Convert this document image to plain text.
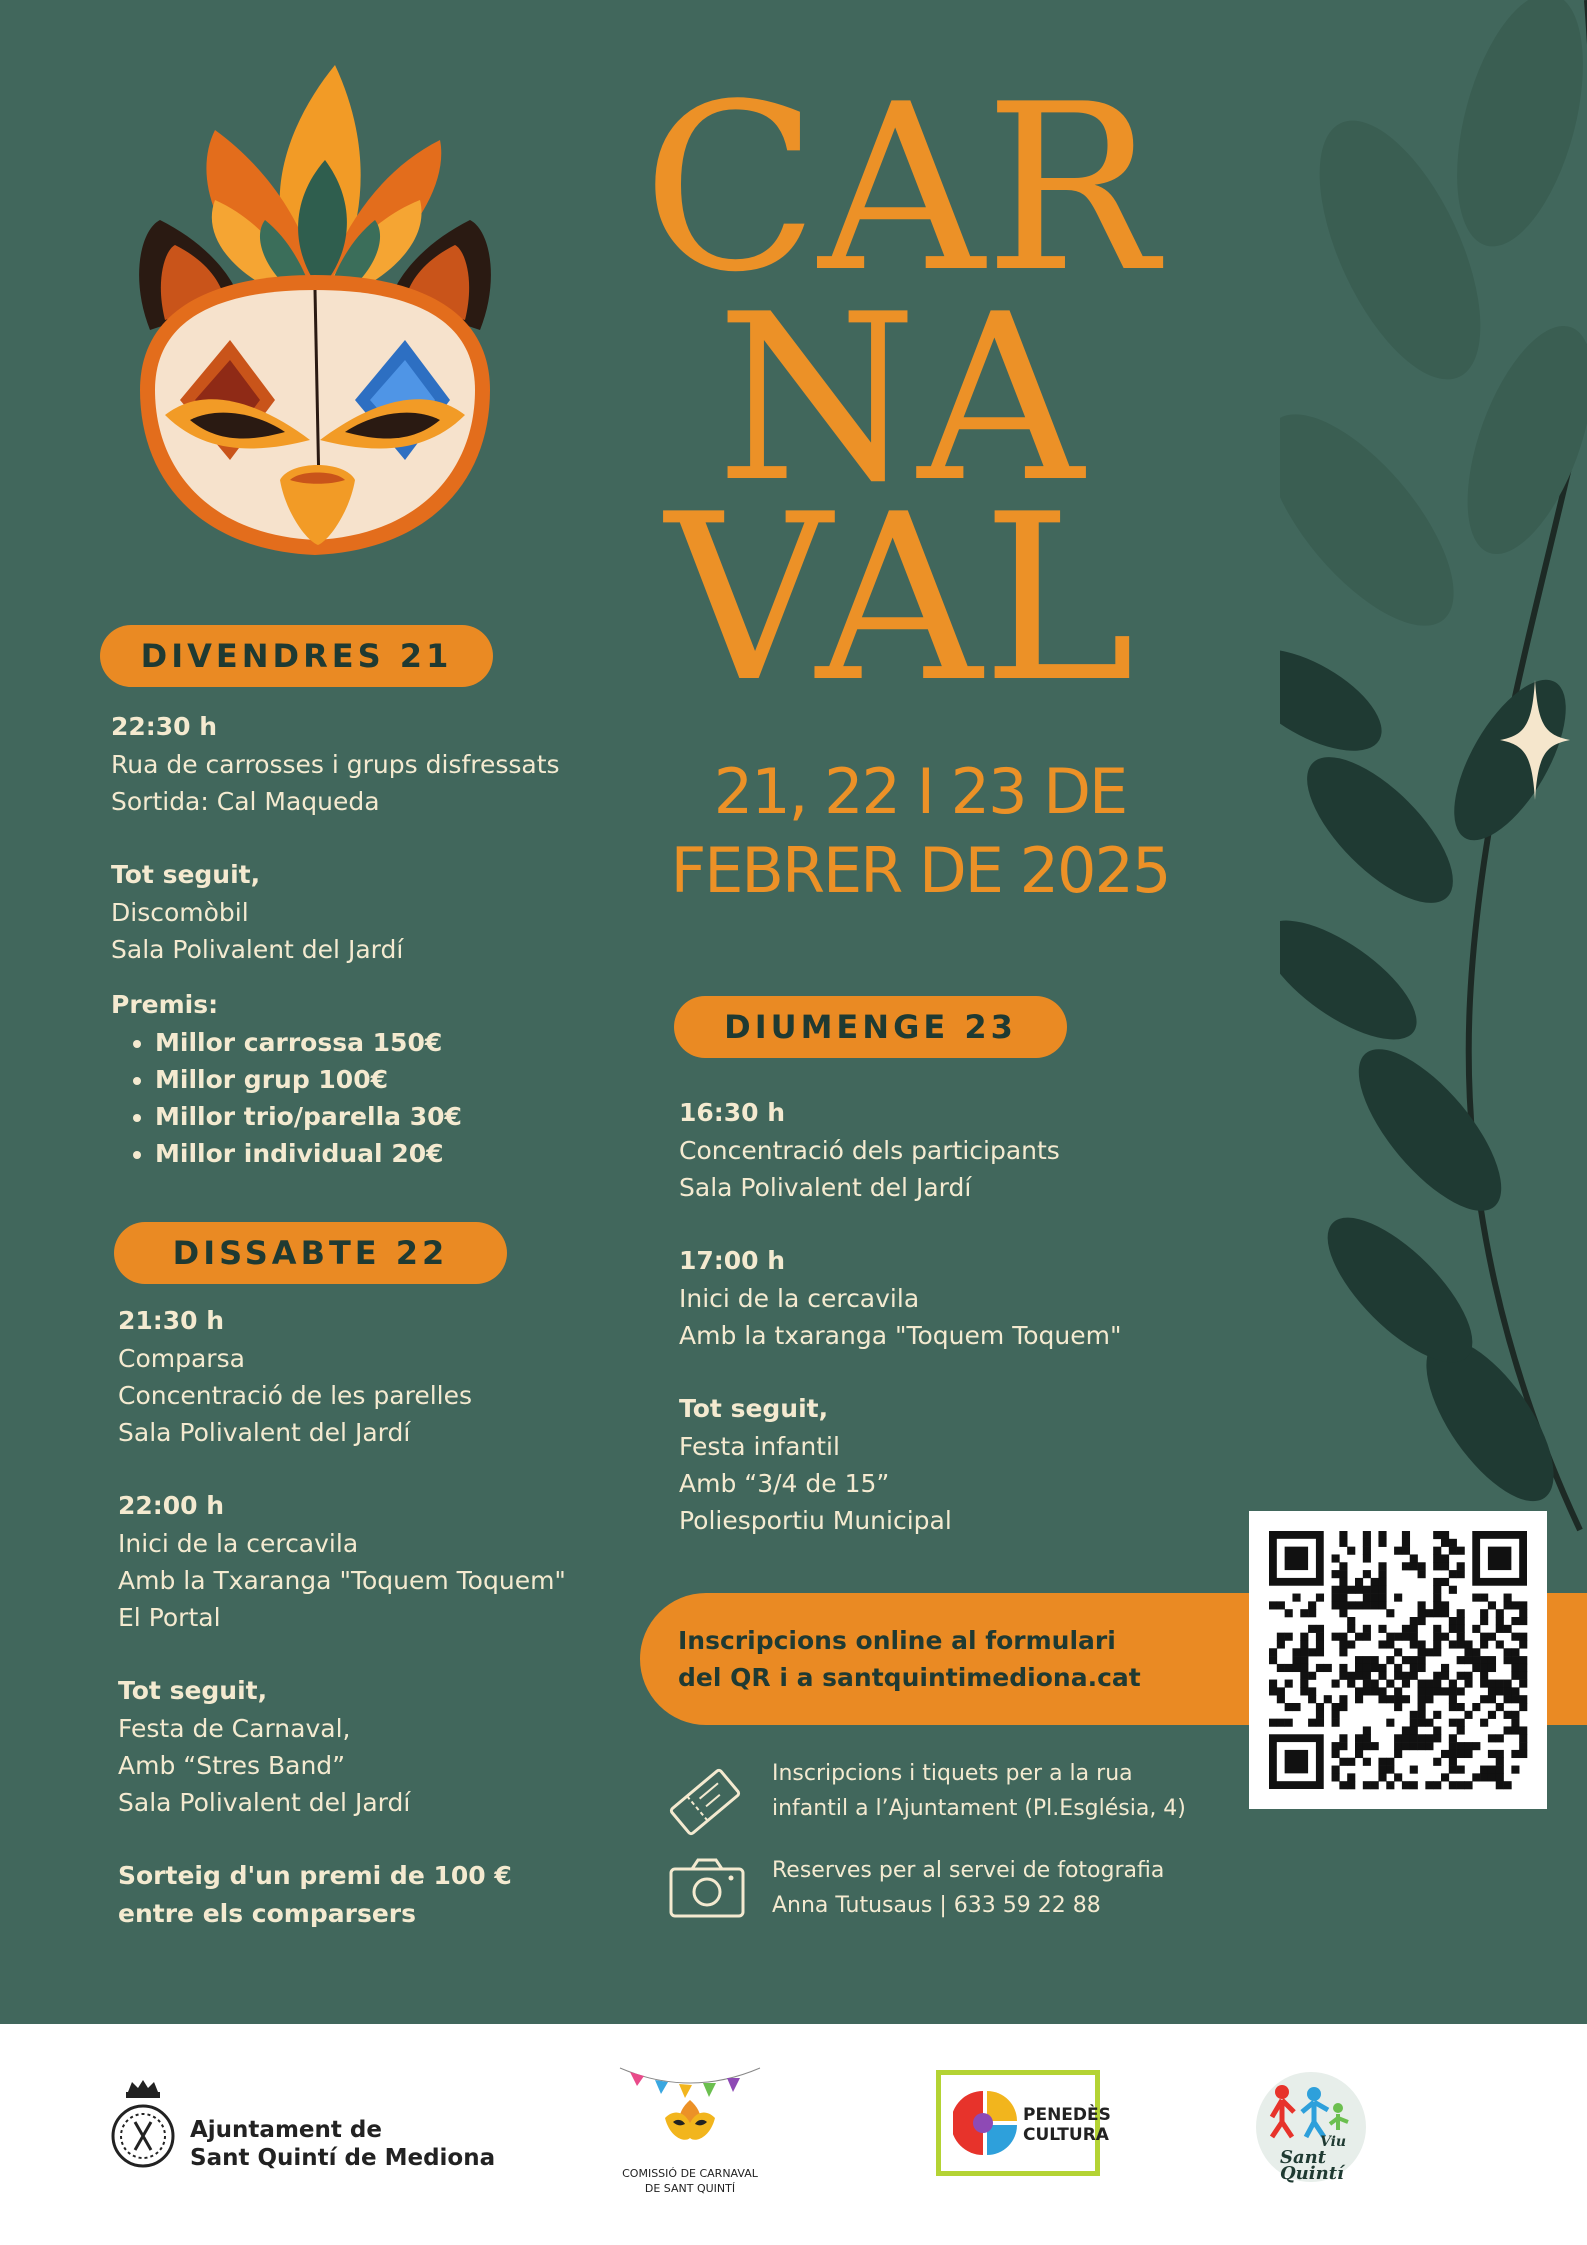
CAR
NA
VAL
21, 22 I 23 DE
FEBRER DE 2025
DIVENDRES 21
22:30 h
Rua de carrosses i grups disfressats
Sortida: Cal Maqueda
Tot seguit,
Discomòbil
Sala Polivalent del Jardí
Premis:
• Millor carrossa 150€
• Millor grup 100€
• Millor trio/parella 30€
• Millor individual 20€
DISSABTE 22
21:30 h
Comparsa
Concentració de les parelles
Sala Polivalent del Jardí
22:00 h
Inici de la cercavila
Amb la Txaranga "Toquem Toquem"
El Portal
Tot seguit,
Festa de Carnaval,
Amb “Stres Band”
Sala Polivalent del Jardí
Sorteig d'un premi de 100 €
entre els comparsers
DIUMENGE 23
16:30 h
Concentració dels participants
Sala Polivalent del Jardí
17:00 h
Inici de la cercavila
Amb la txaranga "Toquem Toquem"
Tot seguit,
Festa infantil
Amb “3/4 de 15”
Poliesportiu Municipal
Inscripcions online al formulari
del QR i a santquintimediona.cat
Inscripcions i tiquets per a la rua
infantil a l’Ajuntament (Pl.Església, 4)
Reserves per al servei de fotografia
Anna Tutusaus | 633 59 22 88
Ajuntament de
Sant Quintí de Mediona
COMISSIÓ DE CARNAVAL
DE SANT QUINTÍ
PENEDÈS
CULTURA	Viu
Sant Quintí
